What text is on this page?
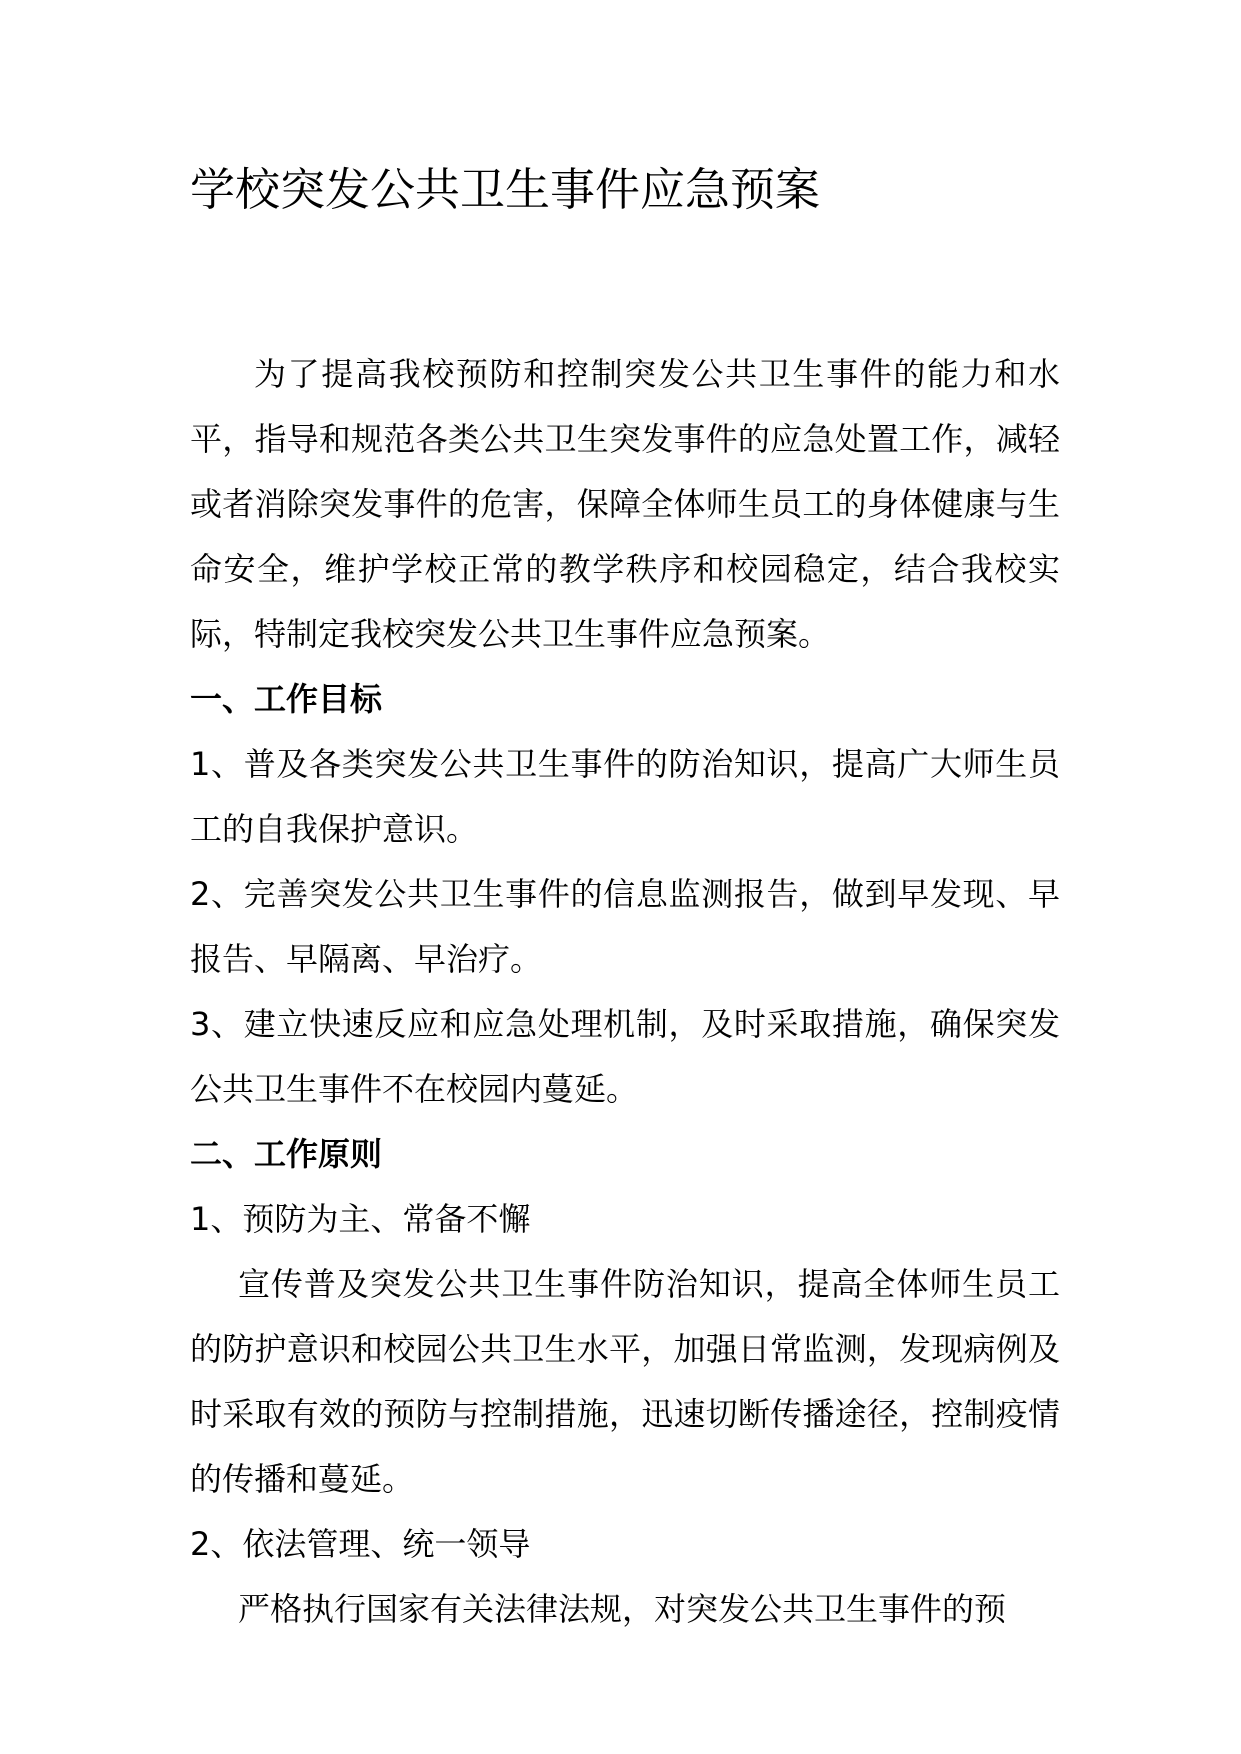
学校突发公共卫生事件应急预案

为了提高我校预防和控制突发公共卫生事件的能力和水平，指导和规范各类公共卫生突发事件的应急处置工作，减轻或者消除突发事件的危害，保障全体师生员工的身体健康与生命安全，维护学校正常的教学秩序和校园稳定，结合我校实际，特制定我校突发公共卫生事件应急预案。

一、工作目标

1、普及各类突发公共卫生事件的防治知识，提高广大师生员工的自我保护意识。

2、完善突发公共卫生事件的信息监测报告，做到早发现、早报告、早隔离、早治疗。

3、建立快速反应和应急处理机制，及时采取措施，确保突发公共卫生事件不在校园内蔓延。

二、工作原则

1、预防为主、常备不懈

宣传普及突发公共卫生事件防治知识，提高全体师生员工的防护意识和校园公共卫生水平，加强日常监测，发现病例及时采取有效的预防与控制措施，迅速切断传播途径，控制疫情的传播和蔓延。

2、依法管理、统一领导

严格执行国家有关法律法规，对突发公共卫生事件的预
